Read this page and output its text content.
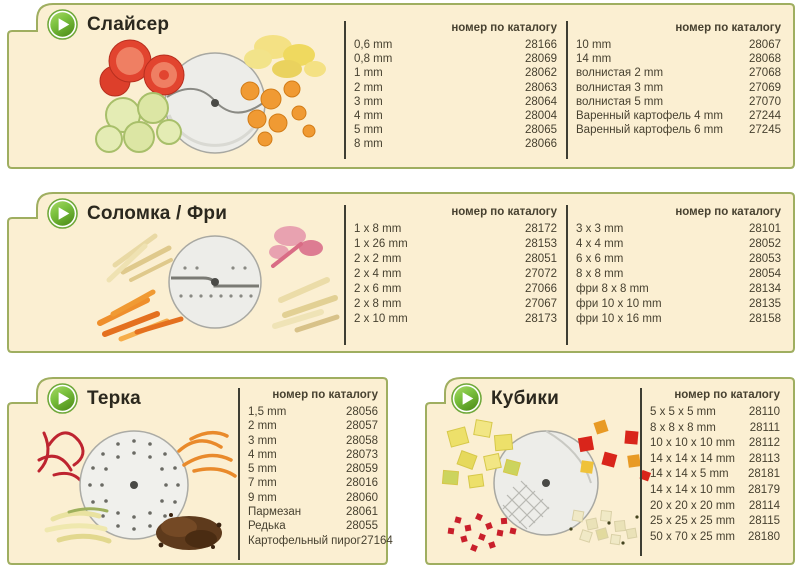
Слайсер	номер по каталогу
0,6 mm	28166
0,8 mm	28069
1 mm	28062
2 mm	28063
3 mm	28064
4 mm	28004
5 mm	28065
8 mm	28066
номер по каталогу
10 mm	28067
14 mm	28068
волнистая 2 mm	27068
волнистая 3 mm	27069
волнистая 5 mm	27070
Варенный картофель 4 mm 27244
Варенный картофель 6 mm 27245
Соломка / Фри	номер по каталогу
1 x 8 mm	28172
1 x 26 mm	28153
2 x 2 mm	28051
2 x 4 mm	27072
2 x 6 mm	27066
2 x 8 mm	27067
2 x 10 mm	28173
номер по каталогу
3 x 3 mm	28101
4 x 4 mm	28052
6 x 6 mm	28053
8 x 8 mm	28054
фри 8 x 8 mm	28134
фри 10 x 10 mm	28135
фри 10 x 16 mm	28158
Терка	номер по каталогу
1,5 mm	28056
2 mm	28057
3 mm	28058
4 mm	28073
5 mm	28059
7 mm	28016
9 mm	28060
Пармезан	28061
Редька	28055
Картофельный пирог 27164
Кубики	номер по каталогу
5 x 5 x 5 mm	28110
8 x 8 x 8 mm	28111
10 x 10 x 10 mm 28112
14 x 14 x 14 mm 28113
14 x 14 x 5 mm 28181
14 x 14 x 10 mm 28179
20 x 20 x 20 mm 28114
25 x 25 x 25 mm 28115
50 x 70 x 25 mm 28180
